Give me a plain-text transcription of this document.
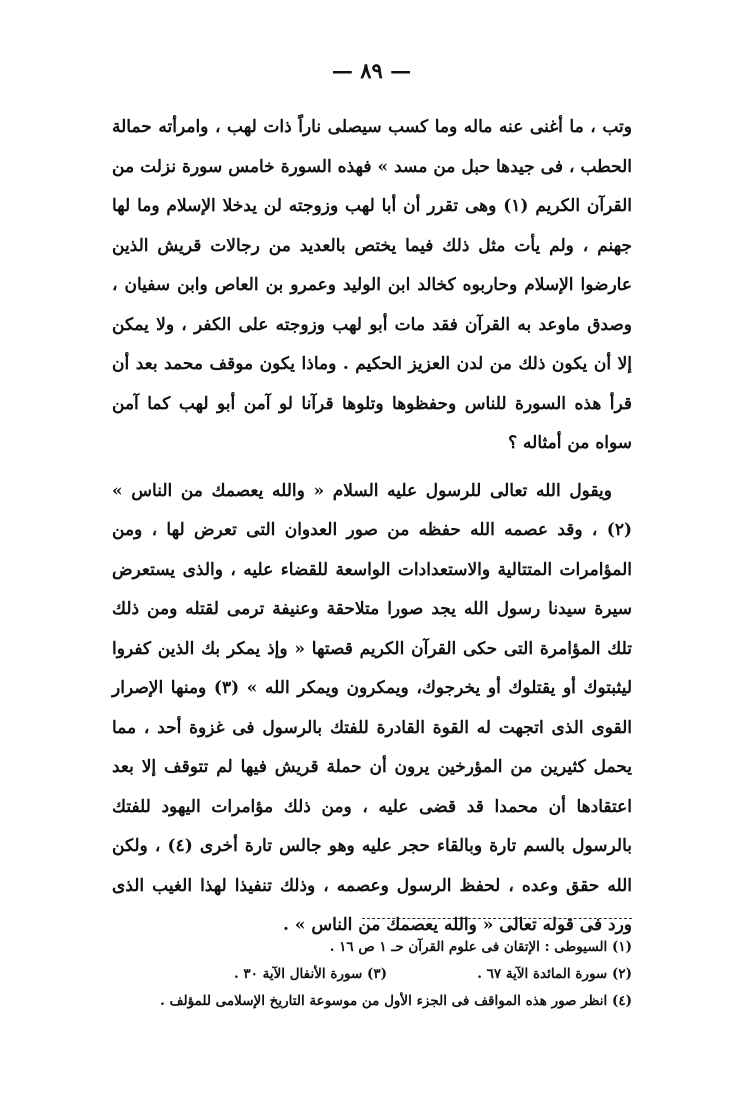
— ٨٩ —

وتب ، ما أغنى عنه ماله وما كسب سيصلى ناراً ذات لهب ، وامرأته حمالة الحطب ، فى جيدها حبل من مسد » فهذه السورة خامس سورة نزلت من القرآن الكريم (١) وهى تقرر أن أبا لهب وزوجته لن يدخلا الإسلام وما لها جهنم ، ولم يأت مثل ذلك فيما يختص بالعديد من رجالات قريش الذين عارضوا الإسلام وحاربوه كخالد ابن الوليد وعمرو بن العاص وابن سفيان ، وصدق ماوعد به القرآن فقد مات أبو لهب وزوجته على الكفر ، ولا يمكن إلا أن يكون ذلك من لدن العزيز الحكيم . وماذا يكون موقف محمد بعد أن قرأ هذه السورة للناس وحفظوها وتلوها قرآنا لو آمن أبو لهب كما آمن سواه من أمثاله ؟

ويقول الله تعالى للرسول عليه السلام « والله يعصمك من الناس » (٢) ، وقد عصمه الله حفظه من صور العدوان التى تعرض لها ، ومن المؤامرات المتتالية والاستعدادات الواسعة للقضاء عليه ، والذى يستعرض سيرة سيدنا رسول الله يجد صورا متلاحقة وعنيفة ترمى لقتله ومن ذلك تلك المؤامرة التى حكى القرآن الكريم قصتها « وإذ يمكر بك الذين كفروا ليثبتوك أو يقتلوك أو يخرجوك، ويمكرون ويمكر الله » (٣) ومنها الإصرار القوى الذى اتجهت له القوة القادرة للفتك بالرسول فى غزوة أحد ، مما يحمل كثيرين من المؤرخين يرون أن حملة قريش فيها لم تتوقف إلا بعد اعتقادها أن محمدا قد قضى عليه ، ومن ذلك مؤامرات اليهود للفتك بالرسول بالسم تارة وبالقاء حجر عليه وهو جالس تارة أخرى (٤) ، ولكن الله حقق وعده ، لحفظ الرسول وعصمه ، وذلك تنفيذا لهذا الغيب الذى ورد فى قوله تعالى « والله يعصمك من الناس » .

(١) السيوطى : الإتقان فى علوم القرآن حـ ١ ص ١٦ .
(٢) سورة المائدة الآية ٦٧ .
(٣) سورة الأنفال الآية ٣٠ .
(٤) انظر صور هذه المواقف فى الجزء الأول من موسوعة التاريخ الإسلامى للمؤلف .
